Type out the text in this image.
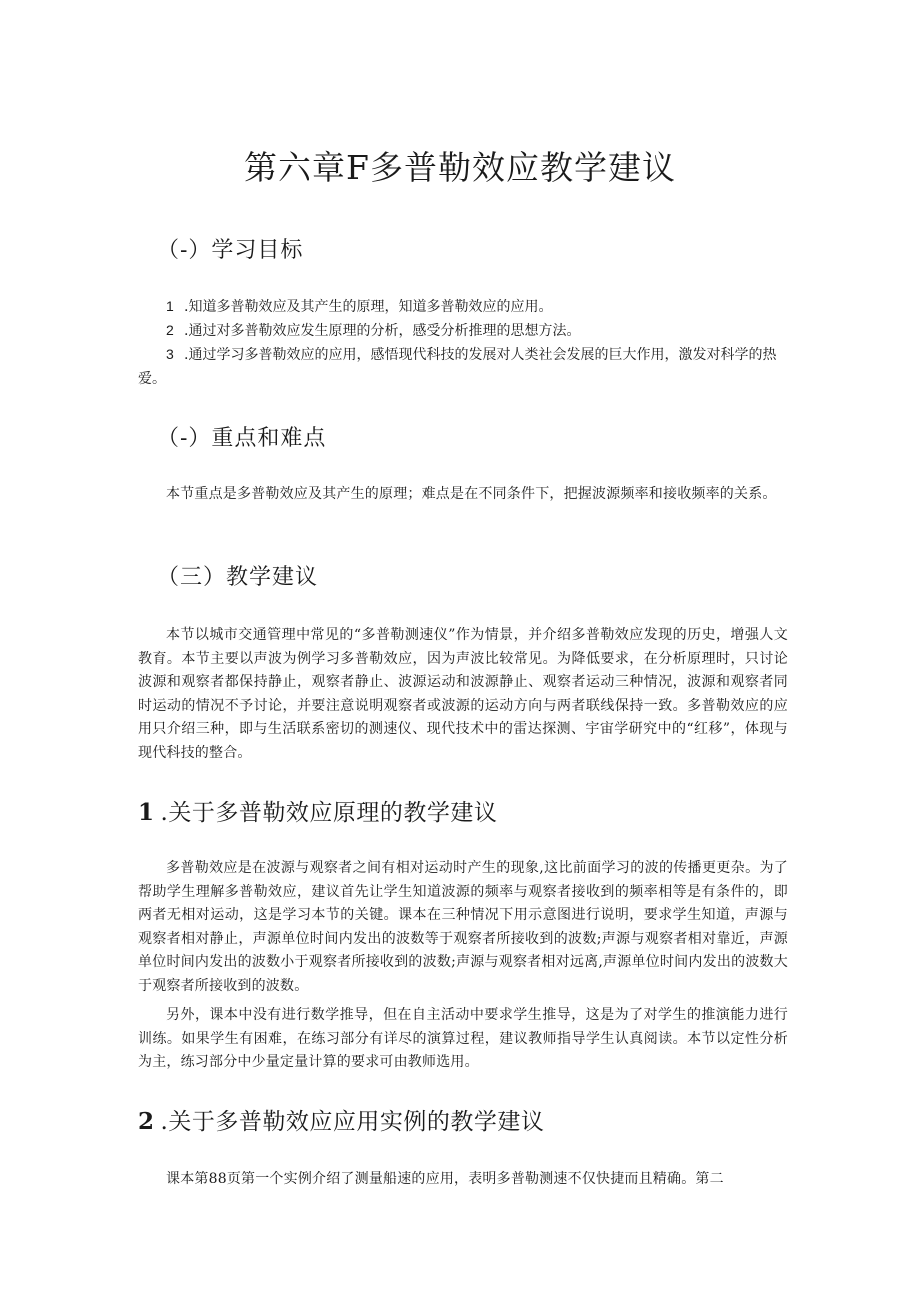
第六章F多普勒效应教学建议
（-）学习目标

1 .知道多普勒效应及其产生的原理，知道多普勒效应的应用。

2 .通过对多普勒效应发生原理的分析，感受分析推理的思想方法。

3 .通过学习多普勒效应的应用，感悟现代科技的发展对人类社会发展的巨大作用，激发对科学的热爱。

（-）重点和难点

本节重点是多普勒效应及其产生的原理；难点是在不同条件下，把握波源频率和接收频率的关系。

（三）教学建议

本节以城市交通管理中常见的“多普勒测速仪”作为情景，并介绍多普勒效应发现的历史，增强人文教育。本节主要以声波为例学习多普勒效应，因为声波比较常见。为降低要求，在分析原理时，只讨论波源和观察者都保持静止，观察者静止、波源运动和波源静止、观察者运动三种情况，波源和观察者同时运动的情况不予讨论，并要注意说明观察者或波源的运动方向与两者联线保持一致。多普勒效应的应用只介绍三种，即与生活联系密切的测速仪、现代技术中的雷达探测、宇宙学研究中的“红移”，体现与现代科技的整合。

1 .关于多普勒效应原理的教学建议

多普勒效应是在波源与观察者之间有相对运动时产生的现象,这比前面学习的波的传播更更杂。为了帮助学生理解多普勒效应，建议首先让学生知道波源的频率与观察者接收到的频率相等是有条件的，即两者无相对运动，这是学习本节的关键。课本在三种情况下用示意图进行说明，要求学生知道，声源与观察者相对静止，声源单位时间内发出的波数等于观察者所接收到的波数;声源与观察者相对靠近，声源单位时间内发出的波数小于观察者所接收到的波数;声源与观察者相对远离,声源单位时间内发出的波数大于观察者所接收到的波数。

另外，课本中没有进行数学推导，但在自主活动中要求学生推导，这是为了对学生的推演能力进行训练。如果学生有困难，在练习部分有详尽的演算过程，建议教师指导学生认真阅读。本节以定性分析为主，练习部分中少量定量计算的要求可由教师选用。

2 .关于多普勒效应应用实例的教学建议

课本第88页第一个实例介绍了测量船速的应用，表明多普勒测速不仅快捷而且精确。第二
